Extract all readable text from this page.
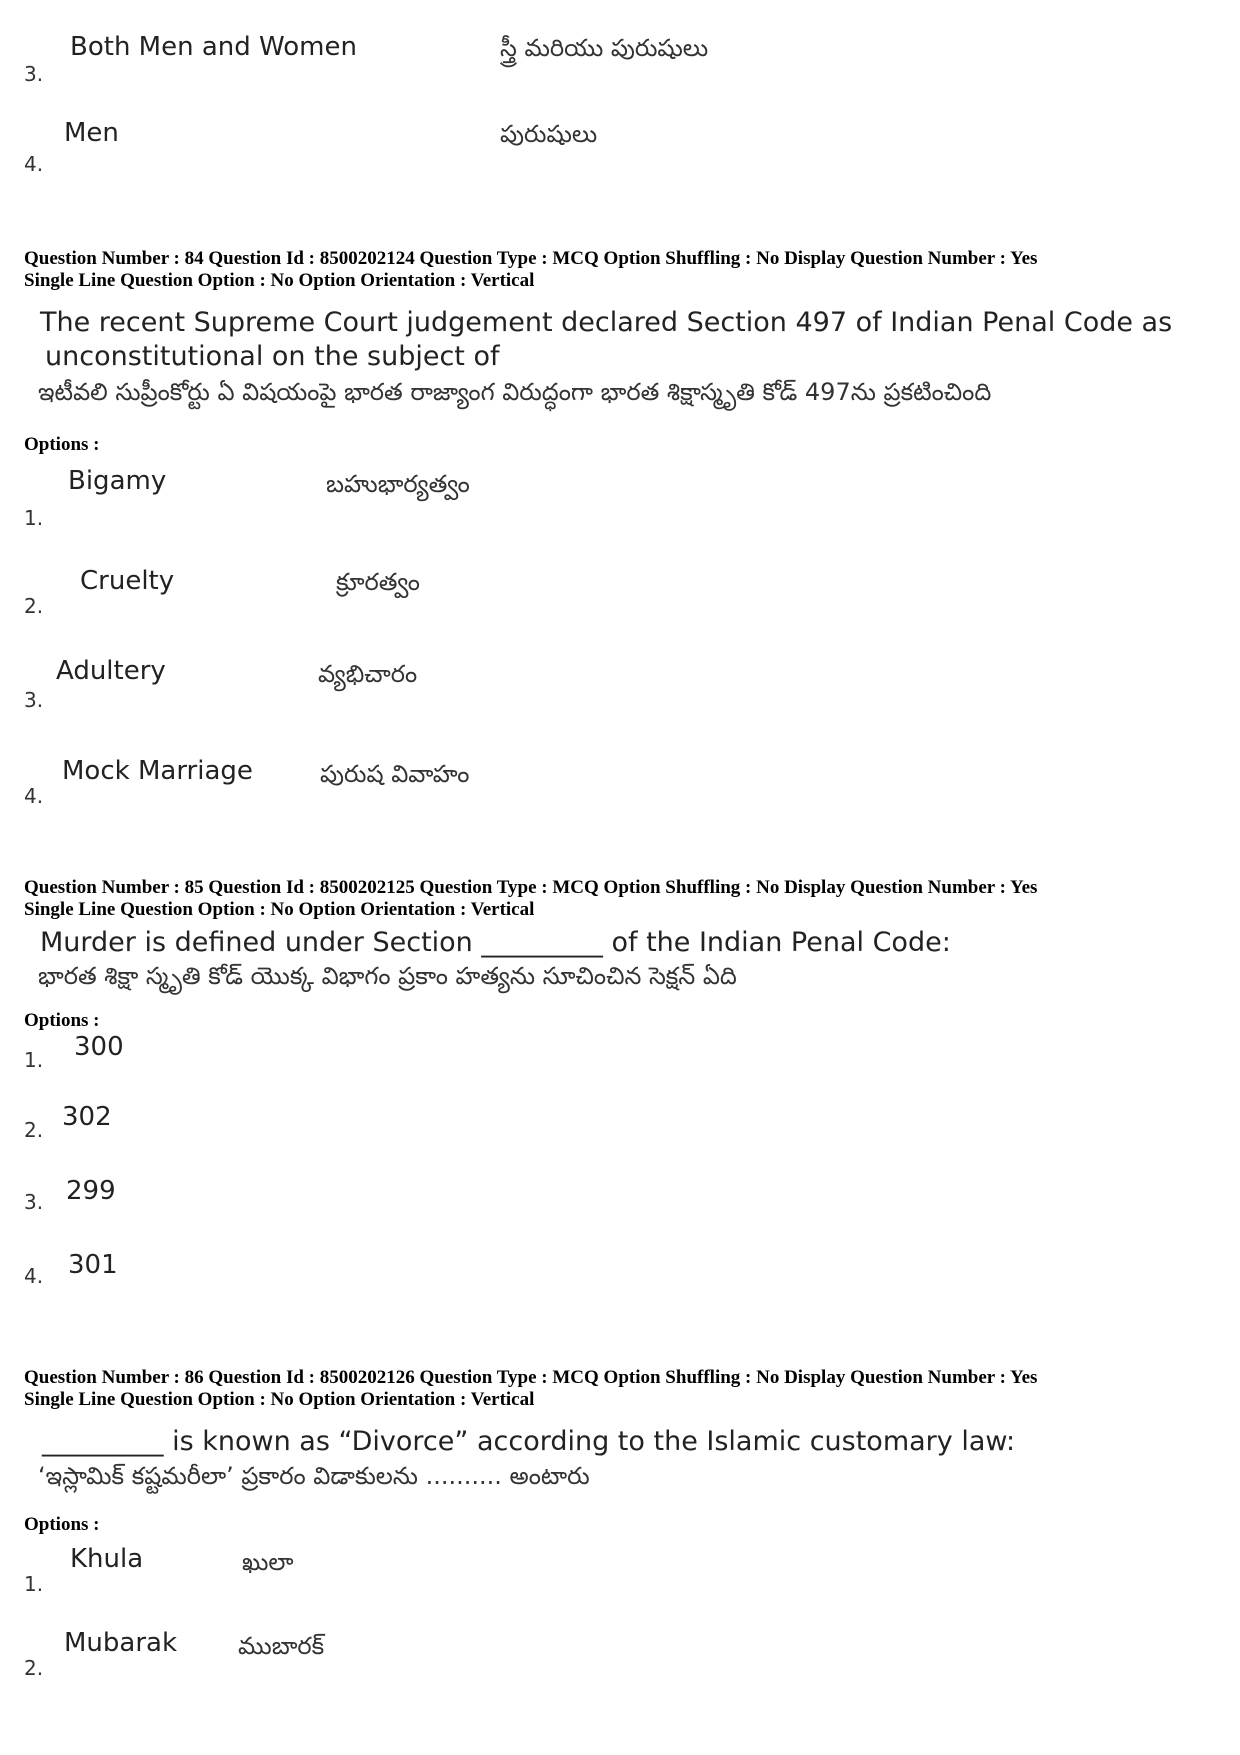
3.
Both Men and Women	స్త్రీ మరియు పురుషులు
4.
Men	పురుషులు
Question Number : 84 Question Id : 8500202124 Question Type : MCQ Option Shuffling : No Display Question Number : Yes
Single Line Question Option : No Option Orientation : Vertical
The recent Supreme Court judgement declared Section 497 of Indian Penal Code as
unconstitutional on the subject of
ఇటీవలి సుప్రీంకోర్టు ఏ విషయంపై భారత రాజ్యాంగ విరుద్ధంగా భారత శిక్షాస్మృతి కోడ్ 497ను ప్రకటించింది
Options :
1.
Bigamy	బహుభార్యత్వం
2.
Cruelty	క్రూరత్వం
3.
Adultery	వ్యభిచారం
4.
Mock Marriage	పురుష వివాహం
Question Number : 85 Question Id : 8500202125 Question Type : MCQ Option Shuffling : No Display Question Number : Yes
Single Line Question Option : No Option Orientation : Vertical
Murder is defined under Section _________ of the Indian Penal Code:
భారత శిక్షా స్మృతి కోడ్ యొక్క విభాగం ప్రకాం హత్యను సూచించిన సెక్షన్ ఏది
Options :
1. 300
2. 302
3. 299
4. 301
Question Number : 86 Question Id : 8500202126 Question Type : MCQ Option Shuffling : No Display Question Number : Yes
Single Line Question Option : No Option Orientation : Vertical
_________ is known as “Divorce” according to the Islamic customary law:
‘ఇస్లామిక్ కష్టమరీలా’ ప్రకారం విడాకులను .......... అంటారు
Options :
1.
Khula	ఖులా
2.
Mubarak	ముబారక్
